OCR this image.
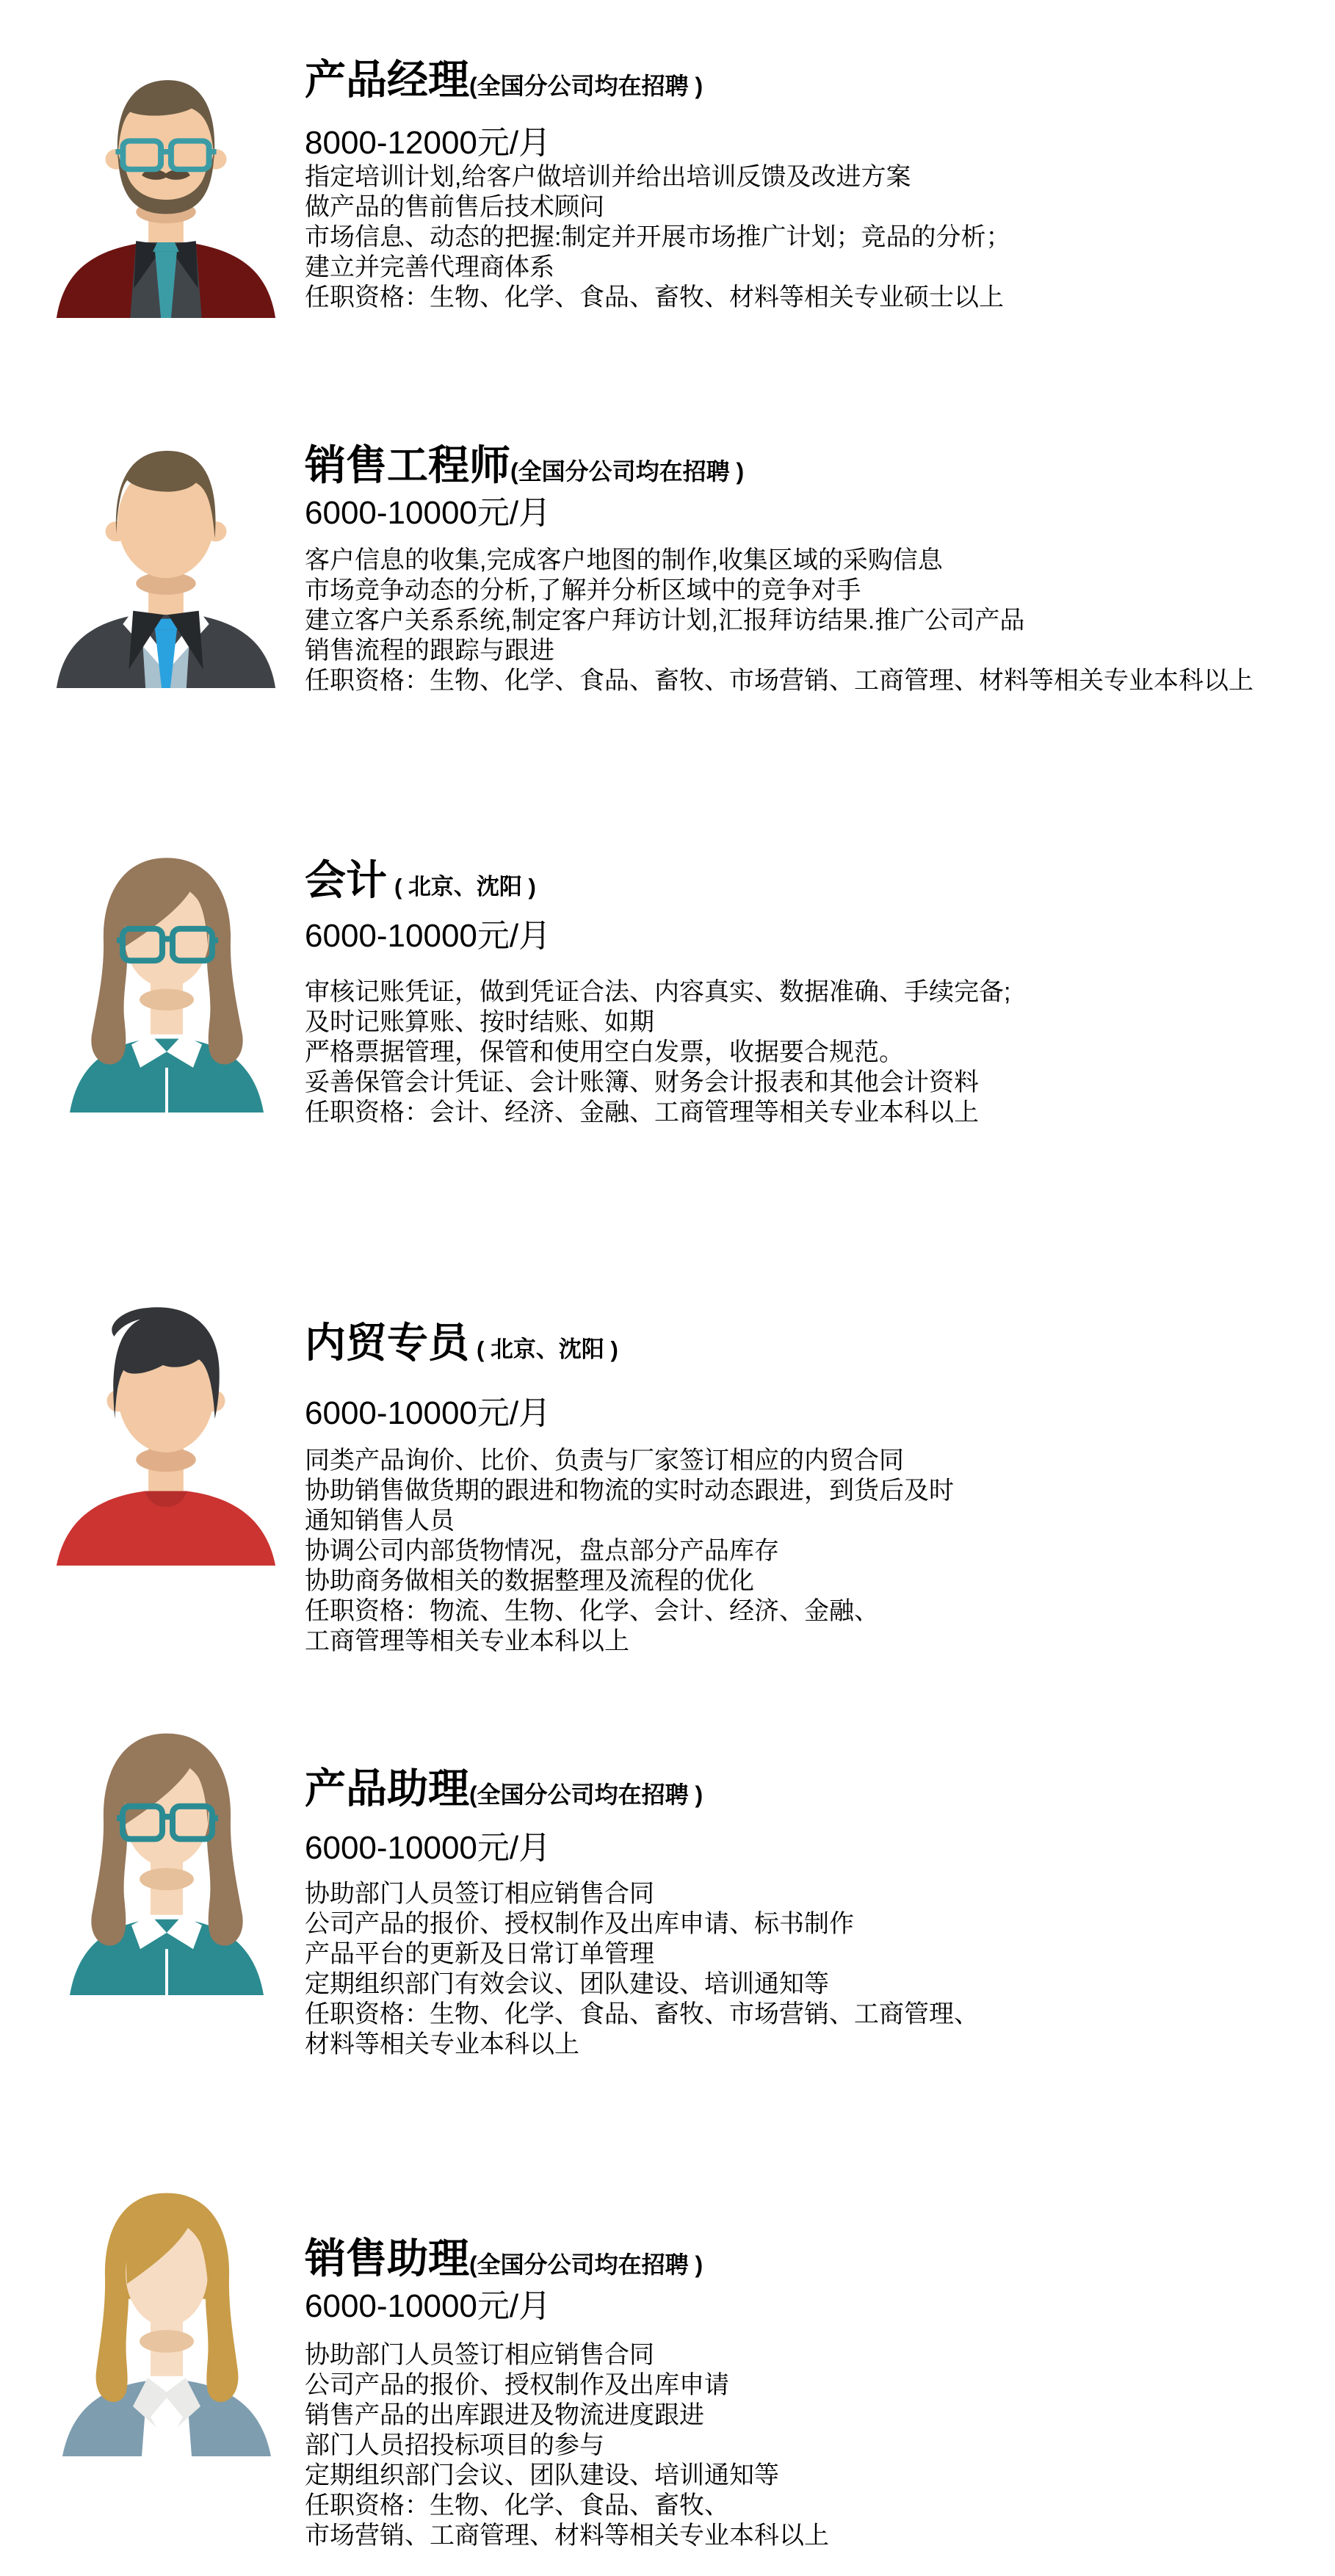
产品经理(全国分公司均在招聘 )
8000-12000元/月

指定培训计划,给客户做培训并给出培训反馈及改进方案

做产品的售前售后技术顾问

市场信息、动态的把握:制定并开展市场推广计划；竞品的分析；

建立并完善代理商体系

任职资格：生物、化学、食品、畜牧、材料等相关专业硕士以上

销售工程师(全国分公司均在招聘 )
6000-10000元/月

客户信息的收集,完成客户地图的制作,收集区域的采购信息

市场竞争动态的分析,了解并分析区域中的竞争对手

建立客户关系系统,制定客户拜访计划,汇报拜访结果.推广公司产品

销售流程的跟踪与跟进

任职资格：生物、化学、食品、畜牧、市场营销、工商管理、材料等相关专业本科以上

会计 ( 北京、沈阳 )
6000-10000元/月

审核记账凭证，做到凭证合法、内容真实、数据准确、手续完备;

及时记账算账、按时结账、如期

严格票据管理，保管和使用空白发票，收据要合规范。

妥善保管会计凭证、会计账簿、财务会计报表和其他会计资料

任职资格：会计、经济、金融、工商管理等相关专业本科以上

内贸专员 ( 北京、沈阳 )
6000-10000元/月

同类产品询价、比价、负责与厂家签订相应的内贸合同

协助销售做货期的跟进和物流的实时动态跟进，到货后及时

通知销售人员

协调公司内部货物情况，盘点部分产品库存

协助商务做相关的数据整理及流程的优化

任职资格：物流、生物、化学、会计、经济、金融、

工商管理等相关专业本科以上

产品助理(全国分公司均在招聘 )
6000-10000元/月

协助部门人员签订相应销售合同

公司产品的报价、授权制作及出库申请、标书制作

产品平台的更新及日常订单管理

定期组织部门有效会议、团队建设、培训通知等

任职资格：生物、化学、食品、畜牧、市场营销、工商管理、

材料等相关专业本科以上

销售助理(全国分公司均在招聘 )
6000-10000元/月

协助部门人员签订相应销售合同

公司产品的报价、授权制作及出库申请

销售产品的出库跟进及物流进度跟进

部门人员招投标项目的参与

定期组织部门会议、团队建设、培训通知等

任职资格：生物、化学、食品、畜牧、

市场营销、工商管理、材料等相关专业本科以上
